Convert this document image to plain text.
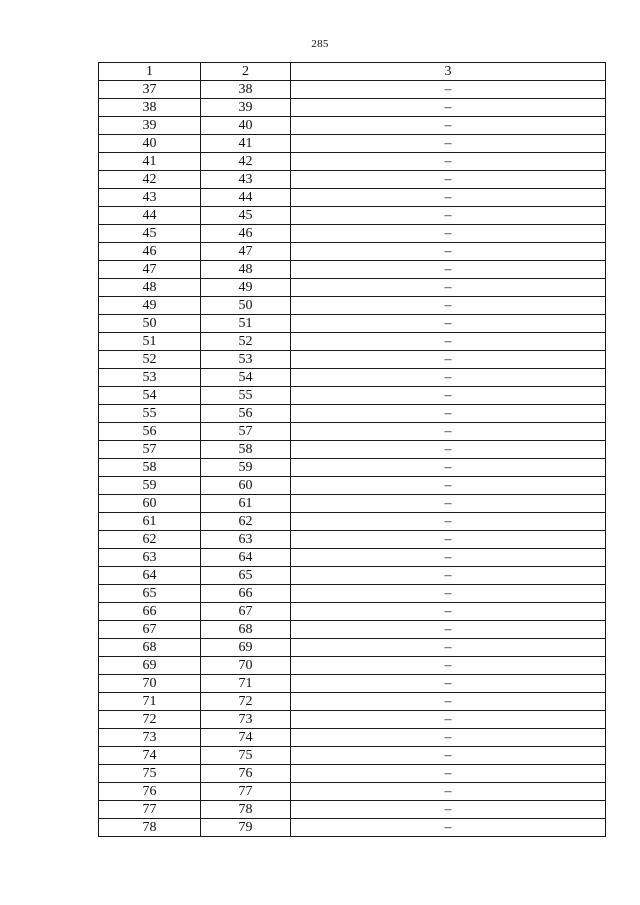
285
1	2	3
37	38	–
38	39	–
39	40	–
40	41	–
41	42	–
42	43	–
43	44	–
44	45	–
45	46	–
46	47	–
47	48	–
48	49	–
49	50	–
50	51	–
51	52	–
52	53	–
53	54	–
54	55	–
55	56	–
56	57	–
57	58	–
58	59	–
59	60	–
60	61	–
61	62	–
62	63	–
63	64	–
64	65	–
65	66	–
66	67	–
67	68	–
68	69	–
69	70	–
70	71	–
71	72	–
72	73	–
73	74	–
74	75	–
75	76	–
76	77	–
77	78	–
78	79	–
